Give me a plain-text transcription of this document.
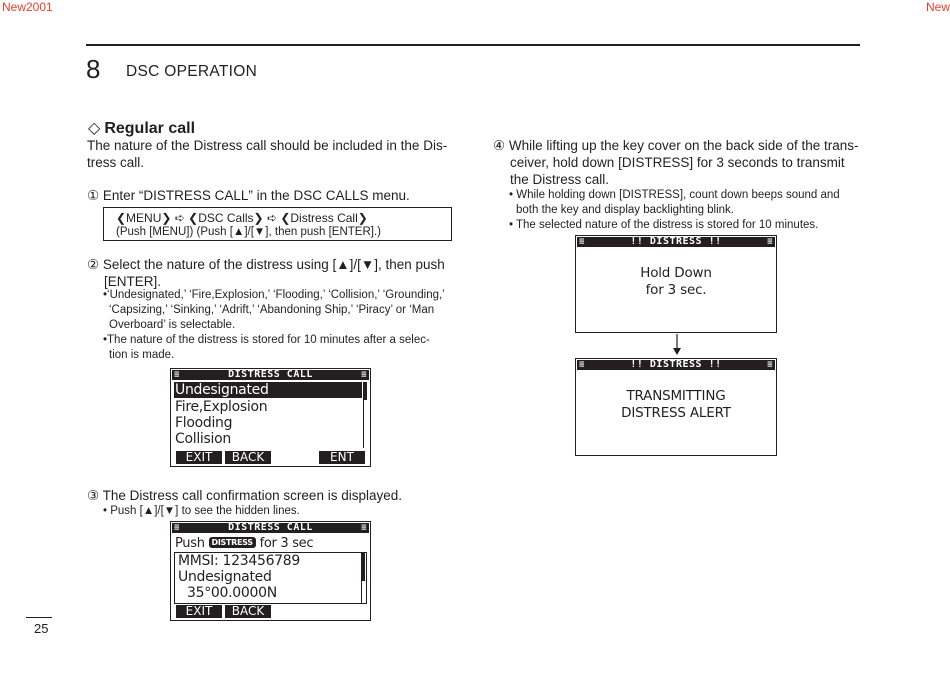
New2001	New
8 DSC OPERATION
◇ Regular call
The nature of the Distress call should be included in the Dis-
tress call.
① Enter “DISTRESS CALL” in the DSC CALLS menu.
❮MENU❯ ➪ ❮DSC Calls❯ ➪ ❮Distress Call❯
(Push [MENU]) (Push [▲]/[▼], then push [ENTER].)
② Select the nature of the distress using [▲]/[▼], then push
[ENTER].
•‘Undesignated,’ ‘Fire,Explosion,’ ‘Flooding,’ ‘Collision,’ ‘Grounding,’
‘Capsizing,’ ‘Sinking,’ ‘Adrift,’ ‘Abandoning Ship,’ ‘Piracy’ or ‘Man
Overboard’ is selectable.
•The nature of the distress is stored for 10 minutes after a selec-
tion is made.
≡	DISTRESS CALL	≡
Undesignated
Fire,Explosion
Flooding
Collision
EXIT	BACK	ENT
③ The Distress call confirmation screen is displayed.
• Push [▲]/[▼] to see the hidden lines.
≡	DISTRESS CALL	≡
Push DISTRESS for 3 sec
MMSI: 123456789
Undesignated
35°00.0000N
EXIT	BACK
④ While lifting up the key cover on the back side of the trans-
ceiver, hold down [DISTRESS] for 3 seconds to transmit
the Distress call.
• While holding down [DISTRESS], count down beeps sound and
both the key and display backlighting blink.
• The selected nature of the distress is stored for 10 minutes.
≡	!! DISTRESS !!	≡
Hold Down
for 3 sec.
≡	!! DISTRESS !!	≡
TRANSMITTING
DISTRESS ALERT
25
